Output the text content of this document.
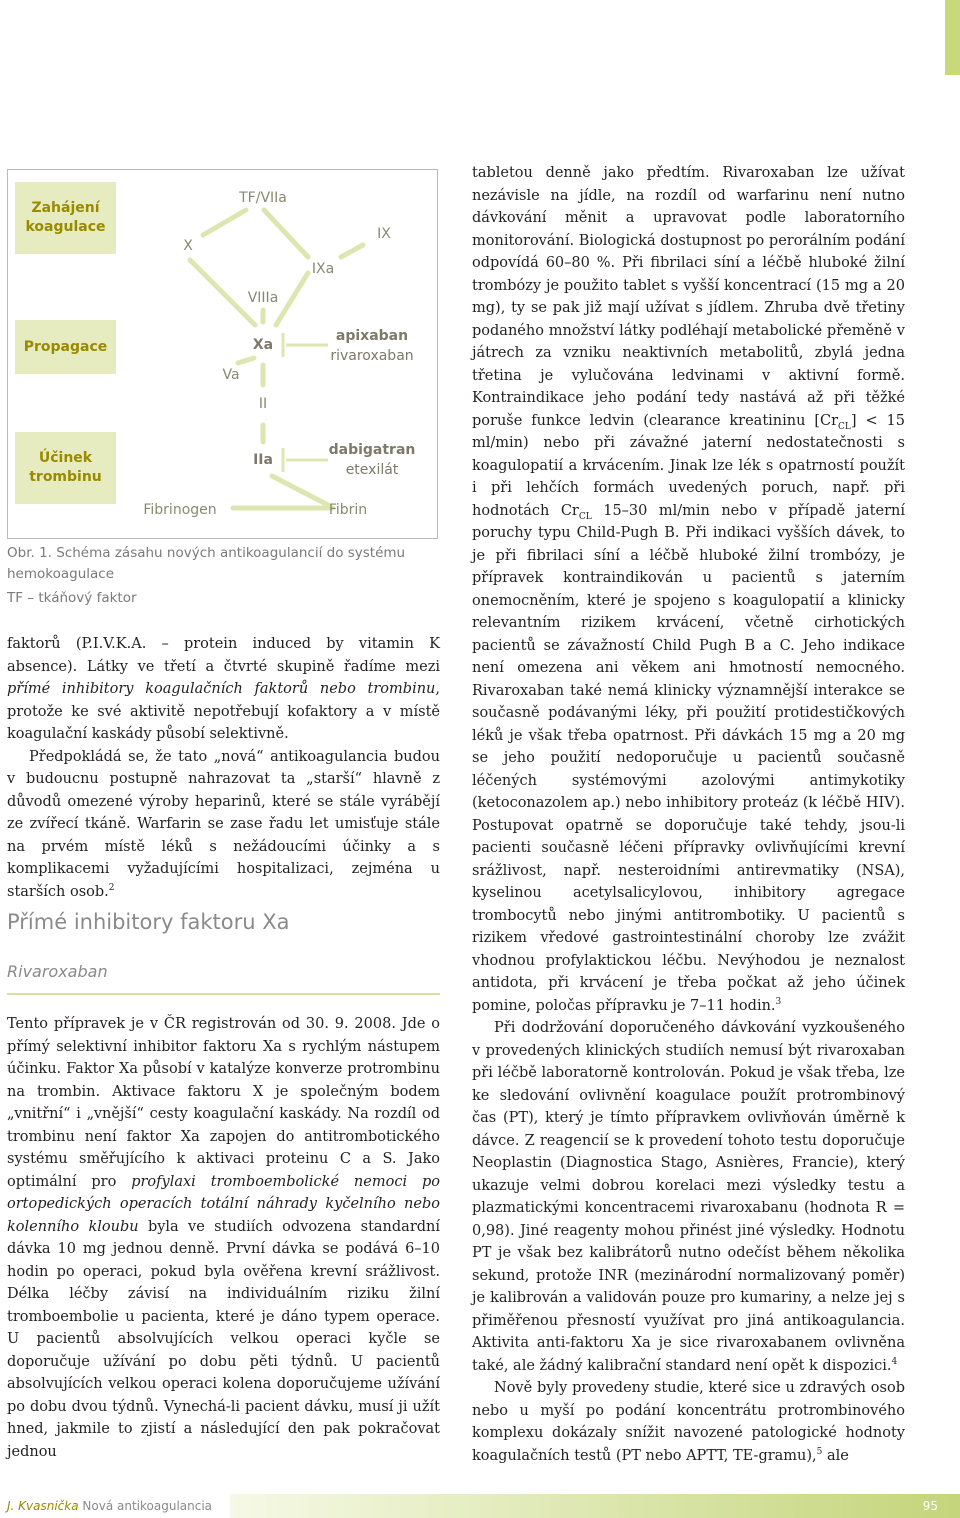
Zahájení koagulace
Propagace
Účinek trombinu
TF/VIIa
X
IX
IXa
VIIIa
Xa
Va
II
IIa
Fibrinogen	Fibrin
apixaban
rivaroxaban
dabigatran
etexilát

Obr. 1. Schéma zásahu nových antikoagulancií do systému hemokoagulace

TF – tkáňový faktor

faktorů (P.I.V.K.A. – protein induced by vitamin K absence). Látky ve třetí a čtvrté skupině řadíme mezi přímé inhibitory koagulačních faktorů nebo trombinu, protože ke své aktivitě nepotřebují kofaktory a v místě koagulační kaskády působí selektivně.

Předpokládá se, že tato „nová“ antikoagulancia budou v budoucnu postupně nahrazovat ta „starší“ hlavně z důvodů omezené výroby heparinů, které se stále vyrábějí ze zvířecí tkáně. Warfarin se zase řadu let umisťuje stále na prvém místě léků s nežádoucími účinky a s komplikacemi vyžadujícími hospitalizaci, zejména u starších osob.$^2$

Přímé inhibitory faktoru Xa
Rivaroxaban

Tento přípravek je v ČR registrován od 30. 9. 2008. Jde o přímý selektivní inhibitor faktoru Xa s rychlým nástupem účinku. Faktor Xa působí v katalýze konverze protrombinu na trombin. Aktivace faktoru X je společným bodem „vnitřní“ i „vnější“ cesty koagulační kaskády. Na rozdíl od trombinu není faktor Xa zapojen do antitrombotického systému směřujícího k aktivaci proteinu C a S. Jako optimální pro profylaxi tromboembolické nemoci po ortopedických operacích totální náhrady kyčelního nebo kolenního kloubu byla ve studiích odvozena standardní dávka 10 mg jednou denně. První dávka se podává 6–10 hodin po operaci, pokud byla ověřena krevní srážlivost. Délka léčby závisí na individuálním riziku žilní tromboembolie u pacienta, které je dáno typem operace. U pacientů absolvujících velkou operaci kyčle se doporučuje užívání po dobu pěti týdnů. U pacientů absolvujících velkou operaci kolena doporučujeme užívání po dobu dvou týdnů. Vynechá-li pacient dávku, musí ji užít hned, jakmile to zjistí a následující den pak pokračovat jednou

tabletou denně jako předtím. Rivaroxaban lze užívat nezávisle na jídle, na rozdíl od warfarinu není nutno dávkování měnit a upravovat podle laboratorního monitorování. Biologická dostupnost po perorálním podání odpovídá 60–80 %. Při fibrilaci síní a léčbě hluboké žilní trombózy je použito tablet s vyšší koncentrací (15 mg a 20 mg), ty se pak již mají užívat s jídlem. Zhruba dvě třetiny podaného množství látky podléhají metabolické přeměně v játrech za vzniku neaktivních metabolitů, zbylá jedna třetina je vylučována ledvinami v aktivní formě. Kontraindikace jeho podání tedy nastává až při těžké poruše funkce ledvin (clearance kreatininu $[Cr_{CL}] < 15$ ml/min) nebo při závažné jaterní nedostatečnosti s koagulopatií a krvácením. Jinak lze lék s opatrností použít i při lehčích formách uvedených poruch, např. při hodnotách $Cr_{CL}$ 15–30 ml/min nebo v případě jaterní poruchy typu Child-Pugh B. Při indikaci vyšších dávek, to je při fibrilaci síní a léčbě hluboké žilní trombózy, je přípravek kontraindikován u pacientů s jaterním onemocněním, které je spojeno s koagulopatií a klinicky relevantním rizikem krvácení, včetně cirhotických pacientů se závažností Child Pugh B a C. Jeho indikace není omezena ani věkem ani hmotností nemocného. Rivaroxaban také nemá klinicky významnější interakce se současně podávanými léky, při použití protidestičkových léků je však třeba opatrnost. Při dávkách 15 mg a 20 mg se jeho použití nedoporučuje u pacientů současně léčených systémovými azolovými antimykotiky (ketoconazolem ap.) nebo inhibitory proteáz (k léčbě HIV). Postupovat opatrně se doporučuje také tehdy, jsou-li pacienti současně léčeni přípravky ovlivňujícími krevní srážlivost, např. nesteroidními antirevmatiky (NSA), kyselinou acetylsalicylovou, inhibitory agregace trombocytů nebo jinými antitrombotiky. U pacientů s rizikem vředové gastrointestinální choroby lze zvážit vhodnou profylaktickou léčbu. Nevýhodou je neznalost antidota, při krvácení je třeba počkat až jeho účinek pomine, poločas přípravku je 7–11 hodin.$^3$

Při dodržování doporučeného dávkování vyzkoušeného v provedených klinických studiích nemusí být rivaroxaban při léčbě laboratorně kontrolován. Pokud je však třeba, lze ke sledování ovlivnění koagulace použít protrombinový čas (PT), který je tímto přípravkem ovlivňován úměrně k dávce. Z reagencií se k provedení tohoto testu doporučuje Neoplastin (Diagnostica Stago, Asnières, Francie), který ukazuje velmi dobrou korelaci mezi výsledky testu a plazmatickými koncentracemi rivaroxabanu (hodnota R = 0,98). Jiné reagenty mohou přinést jiné výsledky. Hodnotu PT je však bez kalibrátorů nutno odečíst během několika sekund, protože INR (mezinárodní normalizovaný poměr) je kalibrován a validován pouze pro kumariny, a nelze jej s přiměřenou přesností využívat pro jiná antikoagulancia. Aktivita anti-faktoru Xa je sice rivaroxabanem ovlivněna také, ale žádný kalibrační standard není opět k dispozici.$^4$

Nově byly provedeny studie, které sice u zdravých osob nebo u myší po podání koncentrátu protrombinového komplexu dokázaly snížit navozené patologické hodnoty koagulačních testů (PT nebo APTT, TE-gramu),$^5$ ale

J. Kvasnička Nová antikoagulancia	95
